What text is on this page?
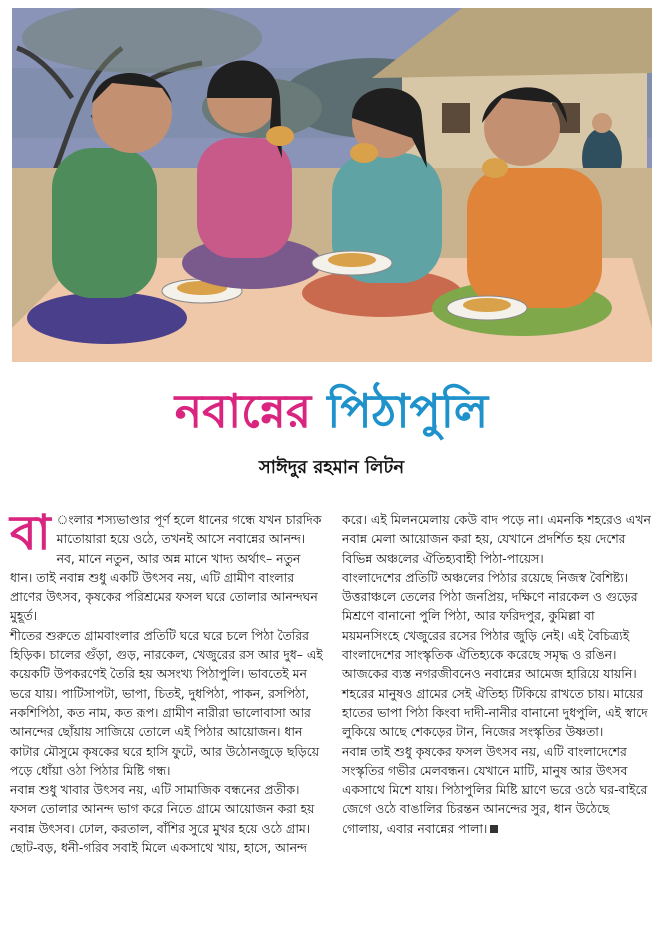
নবান্নের পিঠাপুলি
সাঈদুর রহমান লিটন
বা ংলার শস্যভাণ্ডার পূর্ণ হলে ধানের গন্ধে যখন চারদিক মাতোয়ারা হয়ে ওঠে, তখনই আসে নবান্নের আনন্দ। নব, মানে নতুন, আর অন্ন মানে খাদ্য অর্থাৎ– নতুন ধান। তাই নবান্ন শুধু একটি উৎসব নয়, এটি গ্রামীণ বাংলার প্রাণের উৎসব, কৃষকের পরিশ্রমের ফসল ঘরে তোলার আনন্দঘন মুহূর্ত।

শীতের শুরুতে গ্রামবাংলার প্রতিটি ঘরে ঘরে চলে পিঠা তৈরির হিড়িক। চালের গুঁড়া, গুড়, নারকেল, খেজুরের রস আর দুধ– এই কয়েকটি উপকরণেই তৈরি হয় অসংখ্য পিঠাপুলি। ভাবতেই মন ভরে যায়। পাটিসাপটা, ভাপা, চিতই, দুধপিঠা, পাকন, রসপিঠা, নকশিপিঠা, কত নাম, কত রূপ। গ্রামীণ নারীরা ভালোবাসা আর আনন্দের ছোঁয়ায় সাজিয়ে তোলে এই পিঠার আয়োজন। ধান কাটার মৌসুমে কৃষকের ঘরে হাসি ফুটে, আর উঠোনজুড়ে ছড়িয়ে পড়ে ধোঁয়া ওঠা পিঠার মিষ্টি গন্ধ।

নবান্ন শুধু খাবার উৎসব নয়, এটি সামাজিক বন্ধনের প্রতীক। ফসল তোলার আনন্দ ভাগ করে নিতে গ্রামে আয়োজন করা হয় নবান্ন উৎসব। ঢোল, করতাল, বাঁশির সুরে মুখর হয়ে ওঠে গ্রাম। ছোট-বড়, ধনী-গরিব সবাই মিলে একসাথে খায়, হাসে, আনন্দ

করে। এই মিলনমেলায় কেউ বাদ পড়ে না। এমনকি শহরেও এখন নবান্ন মেলা আয়োজন করা হয়, যেখানে প্রদর্শিত হয় দেশের বিভিন্ন অঞ্চলের ঐতিহ্যবাহী পিঠা-পায়েস।

বাংলাদেশের প্রতিটি অঞ্চলের পিঠার রয়েছে নিজস্ব বৈশিষ্ট্য। উত্তরাঞ্চলে তেলের পিঠা জনপ্রিয়, দক্ষিণে নারকেল ও গুড়ের মিশ্রণে বানানো পুলি পিঠা, আর ফরিদপুর, কুমিল্লা বা ময়মনসিংহে খেজুরের রসের পিঠার জুড়ি নেই। এই বৈচিত্র্যই বাংলাদেশের সাংস্কৃতিক ঐতিহ্যকে করেছে সমৃদ্ধ ও রঙিন।

আজকের ব্যস্ত নগরজীবনেও নবান্নের আমেজ হারিয়ে যায়নি। শহরের মানুষও গ্রামের সেই ঐতিহ্য টিকিয়ে রাখতে চায়। মায়ের হাতের ভাপা পিঠা কিংবা দাদী-নানীর বানানো দুধপুলি, এই স্বাদে লুকিয়ে আছে শেকড়ের টান, নিজের সংস্কৃতির উষ্ণতা।

নবান্ন তাই শুধু কৃষকের ফসল উৎসব নয়, এটি বাংলাদেশের সংস্কৃতির গভীর মেলবন্ধন। যেখানে মাটি, মানুষ আর উৎসব একসাথে মিশে যায়। পিঠাপুলির মিষ্টি ঘ্রাণে ভরে ওঠে ঘর-বাইরে জেগে ওঠে বাঙালির চিরন্তন আনন্দের সুর, ধান উঠেছে গোলায়, এবার নবান্নের পালা।
